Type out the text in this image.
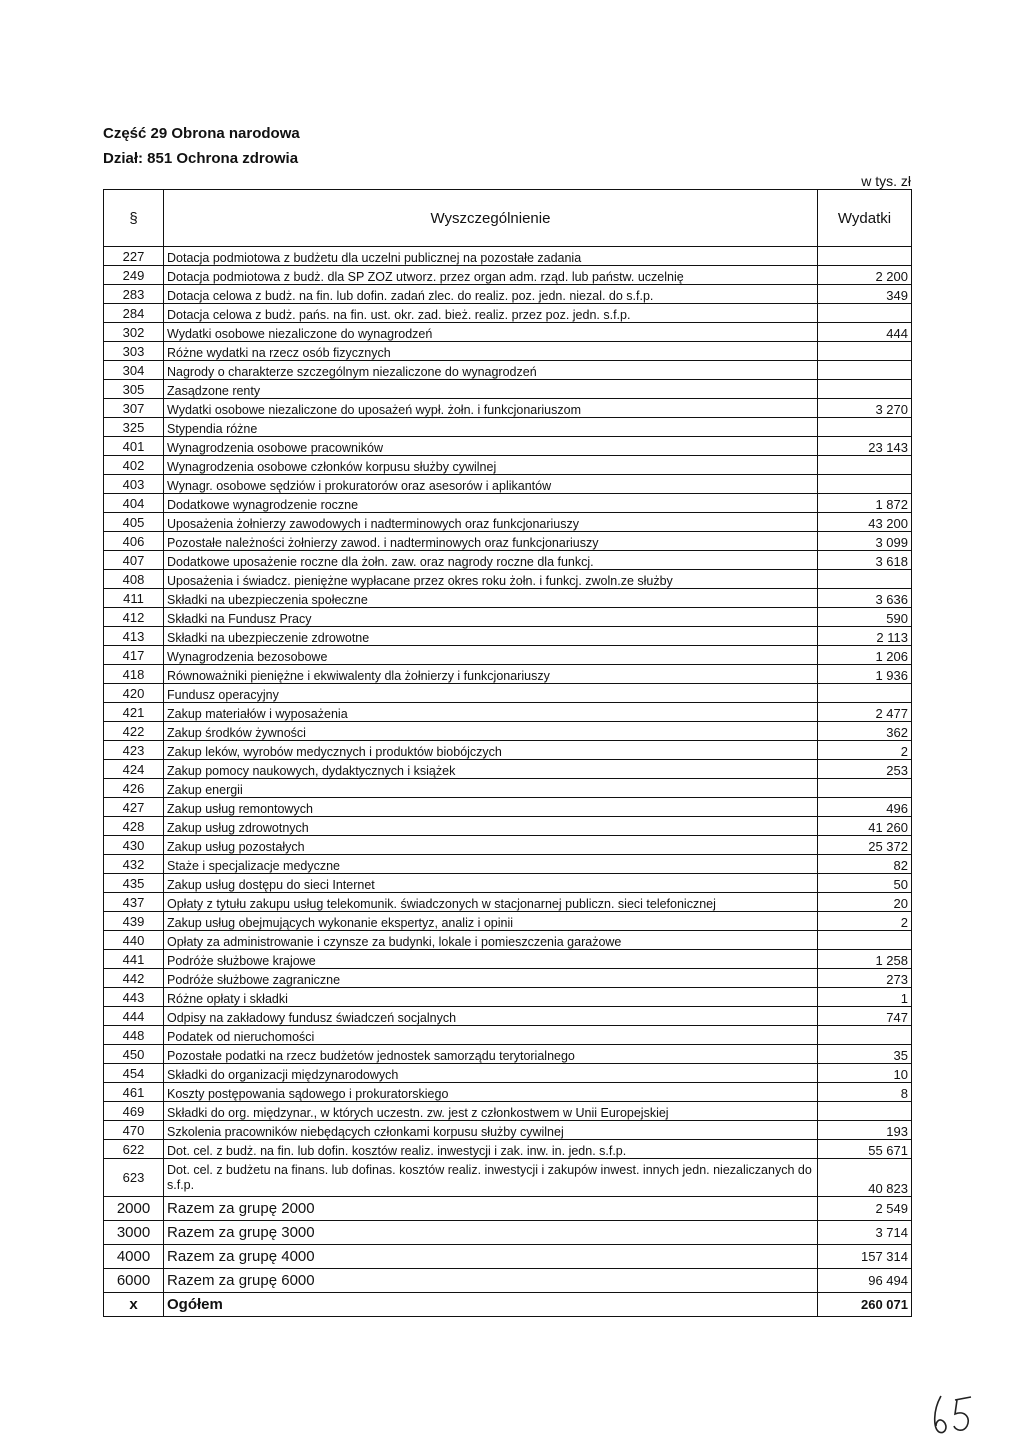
Część 29 Obrona narodowa
Dział: 851 Ochrona zdrowia
w tys. zł
§	Wyszczególnienie	Wydatki
227	Dotacja podmiotowa z budżetu dla uczelni publicznej na pozostałe zadania	
249	Dotacja podmiotowa z budż. dla SP ZOZ utworz. przez organ adm. rząd. lub państw. uczelnię	2 200
283	Dotacja celowa z budż. na fin. lub dofin. zadań zlec. do realiz. poz. jedn. niezal. do s.f.p.	349
284	Dotacja celowa z budż. pańs. na fin. ust. okr. zad. bież. realiz. przez poz. jedn. s.f.p.	
302	Wydatki osobowe niezaliczone do wynagrodzeń	444
303	Różne wydatki na rzecz osób fizycznych	
304	Nagrody o charakterze szczególnym niezaliczone do wynagrodzeń	
305	Zasądzone renty	
307	Wydatki osobowe niezaliczone do uposażeń wypł. żołn. i funkcjonariuszom	3 270
325	Stypendia różne	
401	Wynagrodzenia osobowe pracowników	23 143
402	Wynagrodzenia osobowe członków korpusu służby cywilnej	
403	Wynagr. osobowe sędziów i prokuratorów oraz asesorów i aplikantów	
404	Dodatkowe wynagrodzenie roczne	1 872
405	Uposażenia żołnierzy zawodowych i nadterminowych oraz funkcjonariuszy	43 200
406	Pozostałe należności żołnierzy zawod. i nadterminowych oraz funkcjonariuszy	3 099
407	Dodatkowe uposażenie roczne dla żołn. zaw. oraz nagrody roczne dla funkcj.	3 618
408	Uposażenia i świadcz. pieniężne wypłacane przez okres roku żołn. i funkcj. zwoln.ze służby	
411	Składki na ubezpieczenia społeczne	3 636
412	Składki na Fundusz Pracy	590
413	Składki na ubezpieczenie zdrowotne	2 113
417	Wynagrodzenia bezosobowe	1 206
418	Równoważniki pieniężne i ekwiwalenty dla żołnierzy i funkcjonariuszy	1 936
420	Fundusz operacyjny	
421	Zakup materiałów i wyposażenia	2 477
422	Zakup środków żywności	362
423	Zakup leków, wyrobów medycznych i produktów biobójczych	2
424	Zakup pomocy naukowych, dydaktycznych i książek	253
426	Zakup energii	
427	Zakup usług remontowych	496
428	Zakup usług zdrowotnych	41 260
430	Zakup usług pozostałych	25 372
432	Staże i specjalizacje medyczne	82
435	Zakup usług dostępu do sieci Internet	50
437	Opłaty z tytułu zakupu usług telekomunik. świadczonych w stacjonarnej publiczn. sieci telefonicznej	20
439	Zakup usług obejmujących wykonanie ekspertyz, analiz i opinii	2
440	Opłaty za administrowanie i czynsze za budynki, lokale i pomieszczenia garażowe	
441	Podróże służbowe krajowe	1 258
442	Podróże służbowe zagraniczne	273
443	Różne opłaty i składki	1
444	Odpisy na zakładowy fundusz świadczeń socjalnych	747
448	Podatek od nieruchomości	
450	Pozostałe podatki na rzecz budżetów jednostek samorządu terytorialnego	35
454	Składki do organizacji międzynarodowych	10
461	Koszty postępowania sądowego i prokuratorskiego	8
469	Składki do org. międzynar., w których uczestn. zw. jest z członkostwem w Unii Europejskiej	
470	Szkolenia pracowników niebędących członkami korpusu służby cywilnej	193
622	Dot. cel. z budż. na fin. lub dofin. kosztów realiz. inwestycji i zak. inw. in. jedn. s.f.p.	55 671
623	Dot. cel. z budżetu na finans. lub dofinas. kosztów realiz. inwestycji i zakupów inwest. innych jedn. niezaliczanych do s.f.p.	40 823
2000	Razem za grupę 2000	2 549
3000	Razem za grupę 3000	3 714
4000	Razem za grupę 4000	157 314
6000	Razem za grupę 6000	96 494
x	Ogółem	260 071
